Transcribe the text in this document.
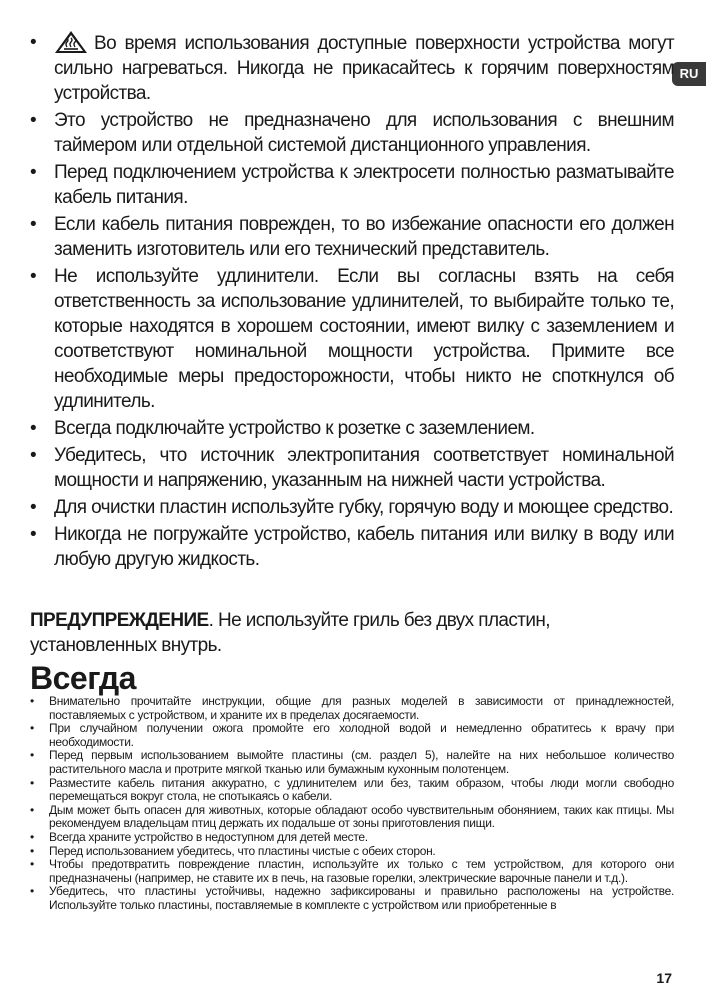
RU
•	Во время использования доступные поверхности устройства могут сильно нагреваться. Никогда не прикасайтесь к горячим поверхностям устройства.
• Это устройство не предназначено для использования с внешним таймером или отдельной системой дистанционного управления.
• Перед подключением устройства к электросети полностью разматывайте кабель питания.
• Если кабель питания поврежден, то во избежание опасности его должен заменить изготовитель или его технический представитель.
• Не используйте удлинители. Если вы согласны взять на себя ответственность за использование удлинителей, то выбирайте только те, которые находятся в хорошем состоянии, имеют вилку с заземлением и соответствуют номинальной мощности устройства. Примите все необходимые меры предосторожности, чтобы никто не споткнулся об удлинитель.
• Всегда подключайте устройство к розетке с заземлением.
• Убедитесь, что источник электропитания соответствует номинальной мощности и напряжению, указанным на нижней части устройства.
• Для очистки пластин используйте губку, горячую воду и моющее средство.
• Никогда не погружайте устройство, кабель питания или вилку в воду или любую другую жидкость.
ПРЕДУПРЕЖДЕНИЕ. Не используйте гриль без двух пластин, установленных внутрь.
Всегда
• Внимательно прочитайте инструкции, общие для разных моделей в зависимости от принадлежностей, поставляемых с устройством, и храните их в пределах досягаемости.
• При случайном получении ожога промойте его холодной водой и немедленно обратитесь к врачу при необходимости.
• Перед первым использованием вымойте пластины (см. раздел 5), налейте на них небольшое количество растительного масла и протрите мягкой тканью или бумажным кухонным полотенцем.
• Разместите кабель питания аккуратно, с удлинителем или без, таким образом, чтобы люди могли свободно перемещаться вокруг стола, не спотыкаясь о кабели.
• Дым может быть опасен для животных, которые обладают особо чувствительным обонянием, таких как птицы. Мы рекомендуем владельцам птиц держать их подальше от зоны приготовления пищи.
• Всегда храните устройство в недоступном для детей месте.
• Перед использованием убедитесь, что пластины чистые с обеих сторон.
• Чтобы предотвратить повреждение пластин, используйте их только с тем устройством, для которого они предназначены (например, не ставите их в печь, на газовые горелки, электрические варочные панели и т.д.).
• Убедитесь, что пластины устойчивы, надежно зафиксированы и правильно расположены на устройстве. Используйте только пластины, поставляемые в комплекте с устройством или приобретенные в
17
